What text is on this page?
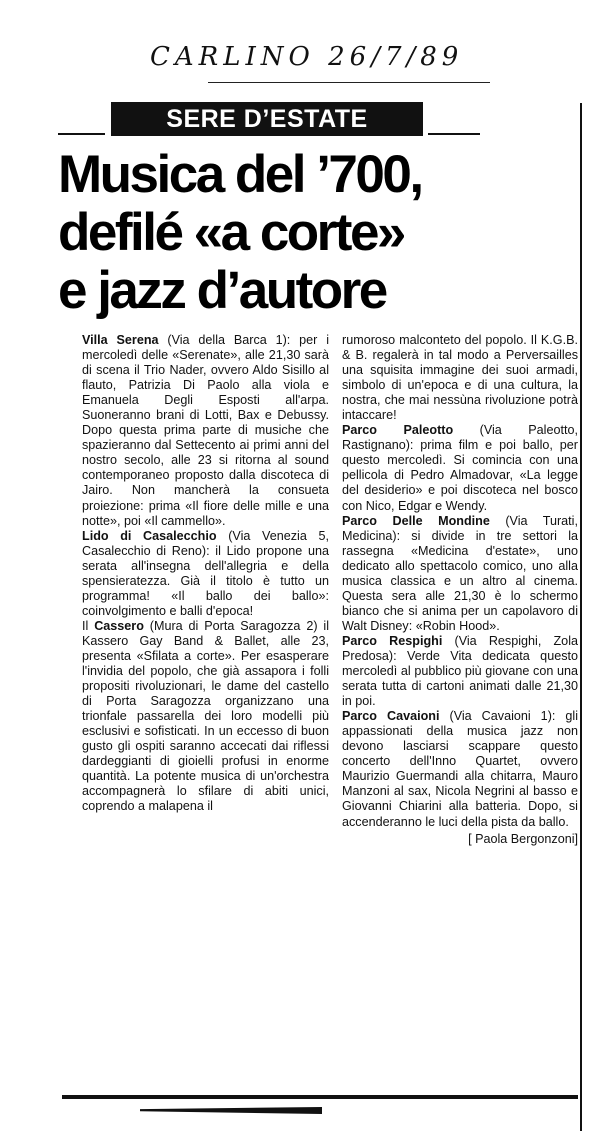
CARLINO 26/7/89
SERE D’ESTATE
Musica del ’700,
defilé «a corte»
e jazz d’autore

Villa Serena (Via della Barca 1): per i mercoledì delle «Serenate», alle 21,30 sarà di scena il Trio Nader, ovvero Aldo Sisillo al flauto, Patrizia Di Paolo alla viola e Emanuela Degli Esposti all'arpa. Suoneranno brani di Lotti, Bax e Debussy. Dopo questa prima parte di musiche che spazieranno dal Settecento ai primi anni del nostro secolo, alle 23 si ritorna al sound contemporaneo proposto dalla discoteca di Jairo. Non mancherà la consueta proiezione: prima «Il fiore delle mille e una notte», poi «Il cammello».

Lido di Casalecchio (Via Venezia 5, Casalecchio di Reno): il Lido propone una serata all'insegna dell'allegria e della spensieratezza. Già il titolo è tutto un programma! «Il ballo dei ballo»: coinvolgimento e balli d'epoca!

Il Cassero (Mura di Porta Saragozza 2) il Kassero Gay Band & Ballet, alle 23, presenta «Sfilata a corte». Per esasperare l'invidia del popolo, che già assapora i folli propositi rivoluzionari, le dame del castello di Porta Saragozza organizzano una trionfale passarella dei loro modelli più esclusivi e sofisticati. In un eccesso di buon gusto gli ospiti saranno accecati dai riflessi dardeggianti di gioielli profusi in enorme quantità. La potente musica di un'orchestra accompagnerà lo sfilare di abiti unici, coprendo a malapena il

rumoroso malconteto del popolo. Il K.G.B. & B. regalerà in tal modo a Perversailles una squisita immagine dei suoi armadi, simbolo di un'epoca e di una cultura, la nostra, che mai nessùna rivoluzione potrà intaccare!

Parco Paleotto (Via Paleotto, Rastignano): prima film e poi ballo, per questo mercoledì. Si comincia con una pellicola di Pedro Almadovar, «La legge del desiderio» e poi discoteca nel bosco con Nico, Edgar e Wendy.

Parco Delle Mondine (Via Turati, Medicina): si divide in tre settori la rassegna «Medicina d'estate», uno dedicato allo spettacolo comico, uno alla musica classica e un altro al cinema. Questa sera alle 21,30 è lo schermo bianco che si anima per un capolavoro di Walt Disney: «Robin Hood».

Parco Respighi (Via Respighi, Zola Predosa): Verde Vita dedicata questo mercoledì al pubblico più giovane con una serata tutta di cartoni animati dalle 21,30 in poi.

Parco Cavaioni (Via Cavaioni 1): gli appassionati della musica jazz non devono lasciarsi scappare questo concerto dell'Inno Quartet, ovvero Maurizio Guermandi alla chitarra, Mauro Manzoni al sax, Nicola Negrini al basso e Giovanni Chiarini alla batteria. Dopo, si accenderanno le luci della pista da ballo.

[ Paola Bergonzoni]
